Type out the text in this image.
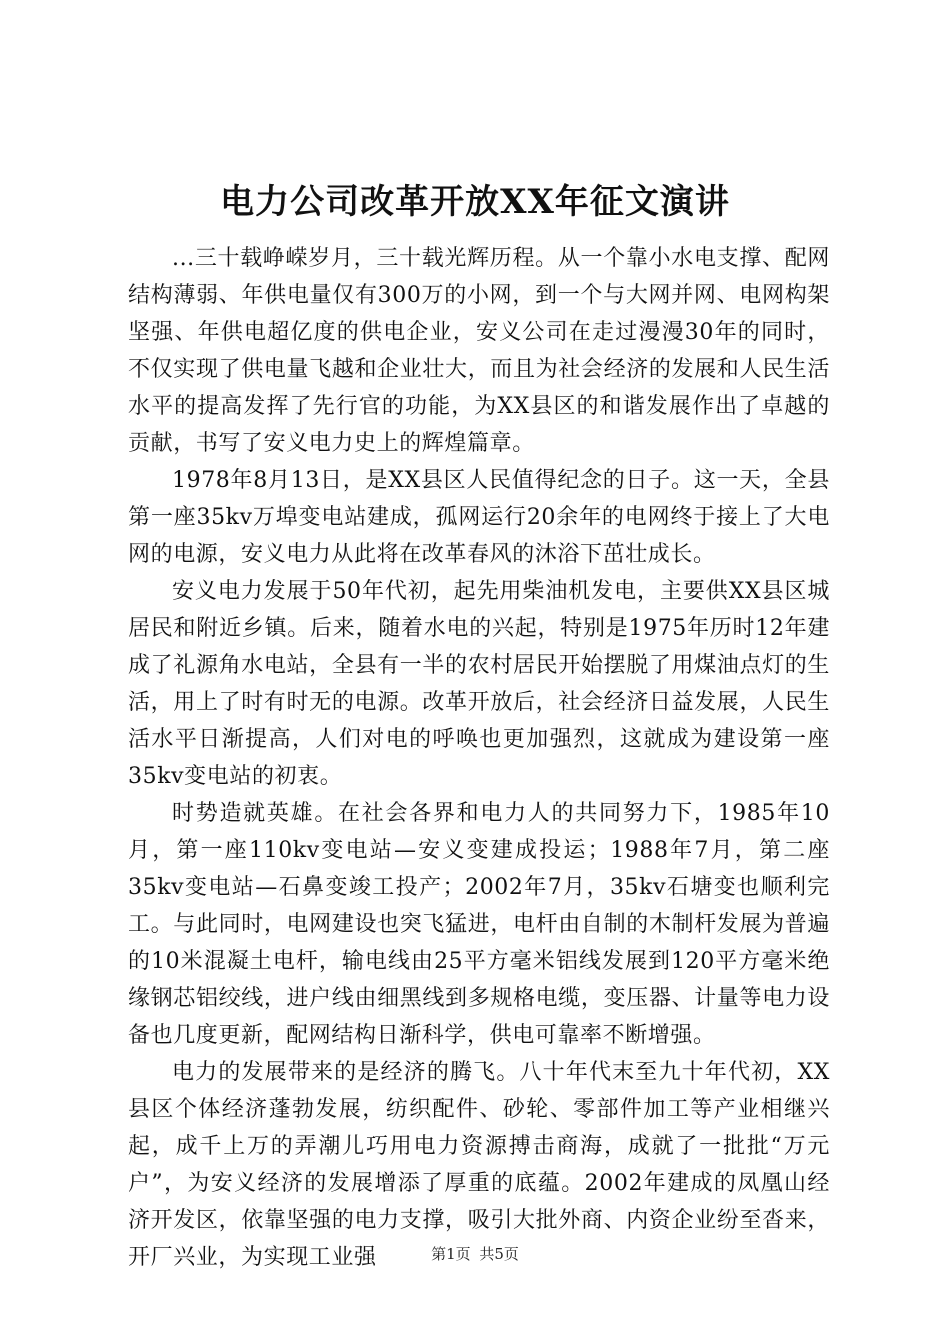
电力公司改革开放XX年征文演讲

...三十载峥嵘岁月，三十载光辉历程。从一个靠小水电支撑、配网结构薄弱、年供电量仅有300万的小网，到一个与大网并网、电网构架坚强、年供电超亿度的供电企业，安义公司在走过漫漫30年的同时，不仅实现了供电量飞越和企业壮大，而且为社会经济的发展和人民生活水平的提高发挥了先行官的功能，为XX县区的和谐发展作出了卓越的贡献，书写了安义电力史上的辉煌篇章。

1978年8月13日，是XX县区人民值得纪念的日子。这一天，全县第一座35kv万埠变电站建成，孤网运行20余年的电网终于接上了大电网的电源，安义电力从此将在改革春风的沐浴下茁壮成长。

安义电力发展于50年代初，起先用柴油机发电，主要供XX县区城居民和附近乡镇。后来，随着水电的兴起，特别是1975年历时12年建成了礼源角水电站，全县有一半的农村居民开始摆脱了用煤油点灯的生活，用上了时有时无的电源。改革开放后，社会经济日益发展，人民生活水平日渐提高，人们对电的呼唤也更加强烈，这就成为建设第一座35kv变电站的初衷。

时势造就英雄。在社会各界和电力人的共同努力下，1985年10月，第一座110kv变电站—安义变建成投运；1988年7月，第二座35kv变电站—石鼻变竣工投产；2002年7月，35kv石塘变也顺利完工。与此同时，电网建设也突飞猛进，电杆由自制的木制杆发展为普遍的10米混凝土电杆，输电线由25平方毫米铝线发展到120平方毫米绝缘钢芯铝绞线，进户线由细黑线到多规格电缆，变压器、计量等电力设备也几度更新，配网结构日渐科学，供电可靠率不断增强。

电力的发展带来的是经济的腾飞。八十年代末至九十年代初，XX县区个体经济蓬勃发展，纺织配件、砂轮、零部件加工等产业相继兴起，成千上万的弄潮儿巧用电力资源搏击商海，成就了一批批“万元户”，为安义经济的发展增添了厚重的底蕴。2002年建成的凤凰山经济开发区，依靠坚强的电力支撑，吸引大批外商、内资企业纷至沓来，开厂兴业，为实现工业强	第1页 共5页
